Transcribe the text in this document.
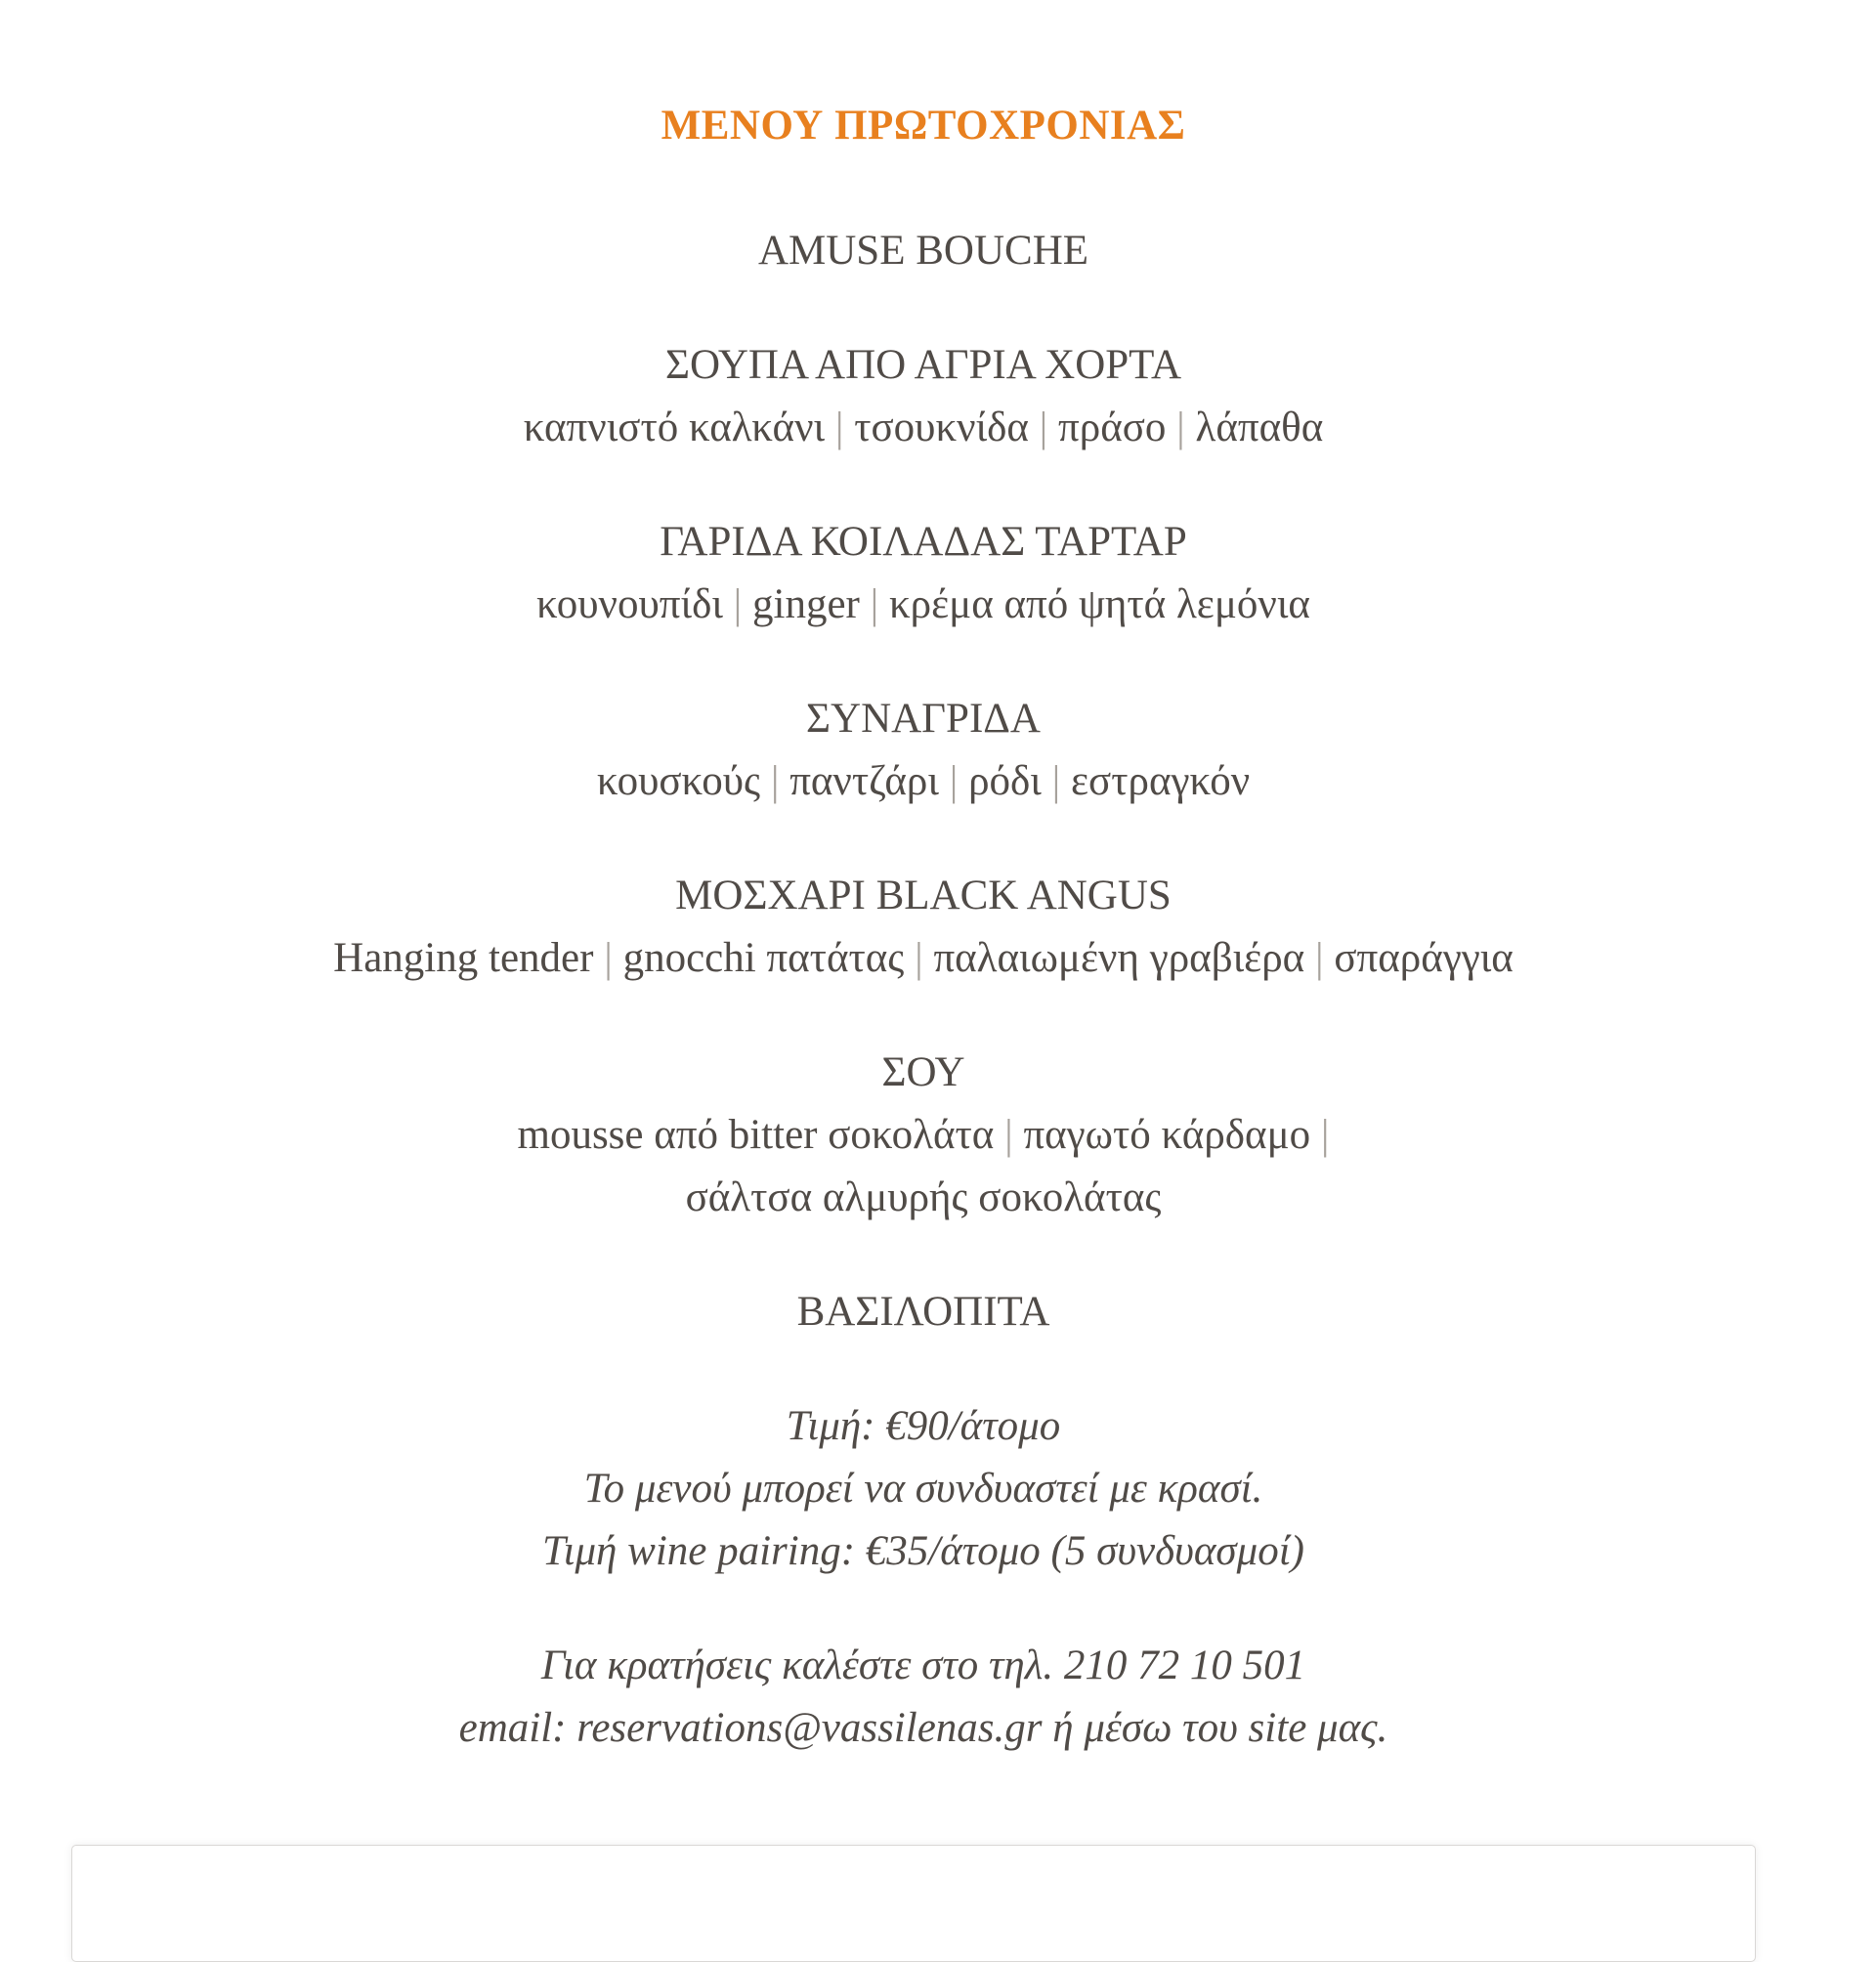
ΜΕΝΟΥ ΠΡΩΤΟΧΡΟΝΙΑΣ

AMUSE BOUCHE

ΣΟΥΠΑ ΑΠΟ ΑΓΡΙΑ ΧΟΡΤΑ
καπνιστό καλκάνι | τσουκνίδα | πράσο | λάπαθα

ΓΑΡΙΔΑ ΚΟΙΛΑΔΑΣ ΤΑΡΤΑΡ
κουνουπίδι | ginger | κρέμα από ψητά λεμόνια

ΣΥΝΑΓΡΙΔΑ
κουσκούς | παντζάρι | ρόδι | εστραγκόν

ΜΟΣΧΑΡΙ BLACK ANGUS
Hanging tender | gnocchi πατάτας | παλαιωμένη γραβιέρα | σπαράγγια

ΣΟΥ
mousse από bitter σοκολάτα | παγωτό κάρδαμο |
σάλτσα αλμυρής σοκολάτας

ΒΑΣΙΛΟΠΙΤΑ

Τιμή: €90/άτομο
Το μενού μπορεί να συνδυαστεί με κρασί.
Τιμή wine pairing: €35/άτομο (5 συνδυασμοί)

Για κρατήσεις καλέστε στο τηλ. 210 72 10 501
email: reservations@vassilenas.gr ή μέσω του site μας.
